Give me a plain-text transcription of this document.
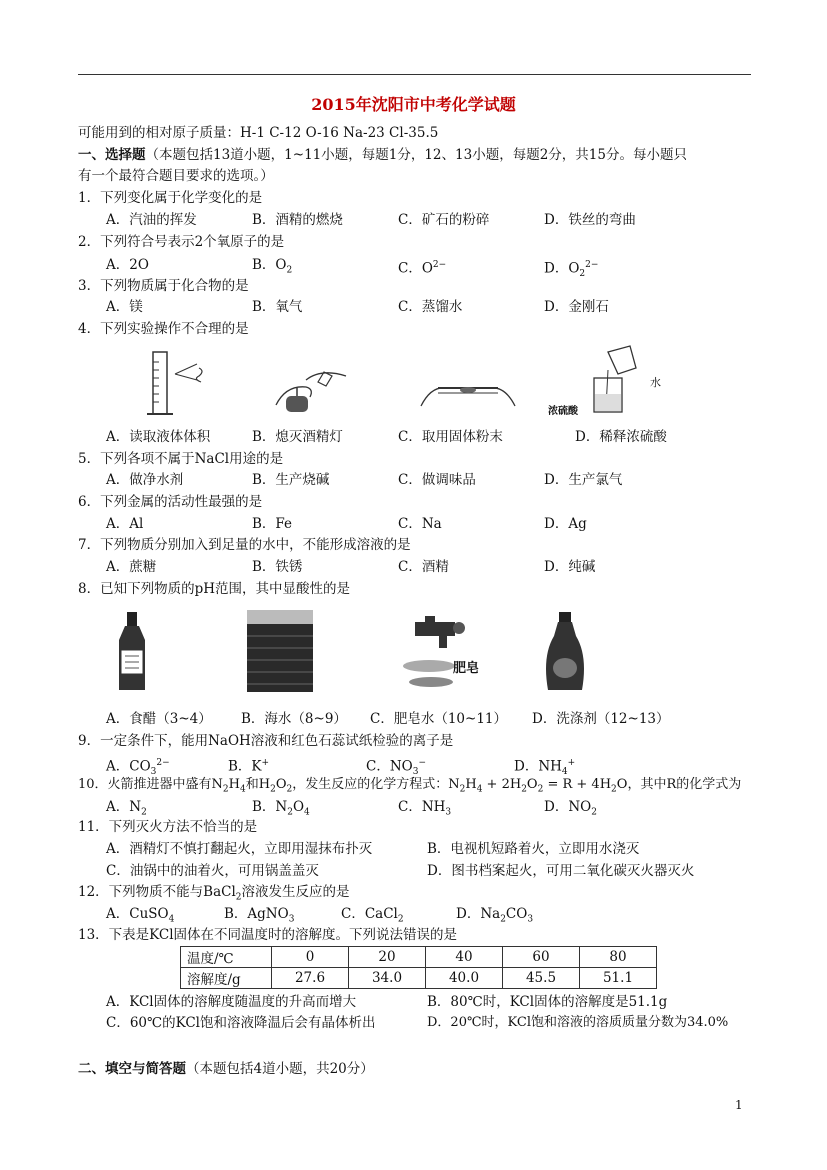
2015年沈阳市中考化学试题
可能用到的相对原子质量：H-1 C-12 O-16 Na-23 Cl-35.5
一、选择题（本题包括13道小题，1~11小题，每题1分，12、13小题，每题2分，共15分。每小题只
有一个最符合题目要求的选项。）
1．下列变化属于化学变化的是
A．汽油的挥发	B．酒精的燃烧	C．矿石的粉碎	D．铁丝的弯曲
2．下列符合号表示2个氧原子的是
A．2O	B．$O_2$	C．$O^{2-}$	D．$O_2^{2-}$
3．下列物质属于化合物的是
A．镁	B．氧气	C．蒸馏水	D．金刚石
4．下列实验操作不合理的是
水
浓硫酸
A．读取液体体积	B．熄灭酒精灯	C．取用固体粉末	D．稀释浓硫酸
5．下列各项不属于NaCl用途的是
A．做净水剂	B．生产烧碱	C．做调味品	D．生产氯气
6．下列金属的活动性最强的是
A．Al	B．Fe	C．Na	D．Ag
7．下列物质分别加入到足量的水中，不能形成溶液的是
A．蔗糖	B．铁锈	C．酒精	D．纯碱
8．已知下列物质的pH范围，其中显酸性的是
肥皂
A．食醋（3~4） B．海水（8~9） C．肥皂水（10~11） D．洗涤剂（12~13）
9．一定条件下，能用NaOH溶液和红色石蕊试纸检验的离子是
A．$CO_3^{2-}$	B．K+	C．$NO_3^-$	D．$NH_4^+$
10．火箭推进器中盛有$N_2H_4$和$H_2O_2$，发生反应的化学方程式：$N_2H_4 + 2H_2O_2 = R + 4H_2O$，其中R的化学式为
A．$N_2$	B．$N_2O_4$	C．$NH_3$	D．$NO_2$
11．下列灭火方法不恰当的是
A．酒精灯不慎打翻起火，立即用湿抹布扑灭	B．电视机短路着火，立即用水浇灭
C．油锅中的油着火，可用锅盖盖灭	D．图书档案起火，可用二氧化碳灭火器灭火
12．下列物质不能与BaCl$_2$溶液发生反应的是
A．CuSO$_4$	B．AgNO$_3$	C．CaCl$_2$	D．$Na_2CO_3$
13．下表是KCl固体在不同温度时的溶解度。下列说法错误的是
温度/℃	0	20	40	60	80
溶解度/g	27.6	34.0	40.0	45.5	51.1
A．KCl固体的溶解度随温度的升高而增大	B．80℃时，KCl固体的溶解度是51.1g
C．60℃的KCl饱和溶液降温后会有晶体析出	D．20℃时，KCl饱和溶液的溶质质量分数为34.0%
二、填空与简答题（本题包括4道小题，共20分）
1
